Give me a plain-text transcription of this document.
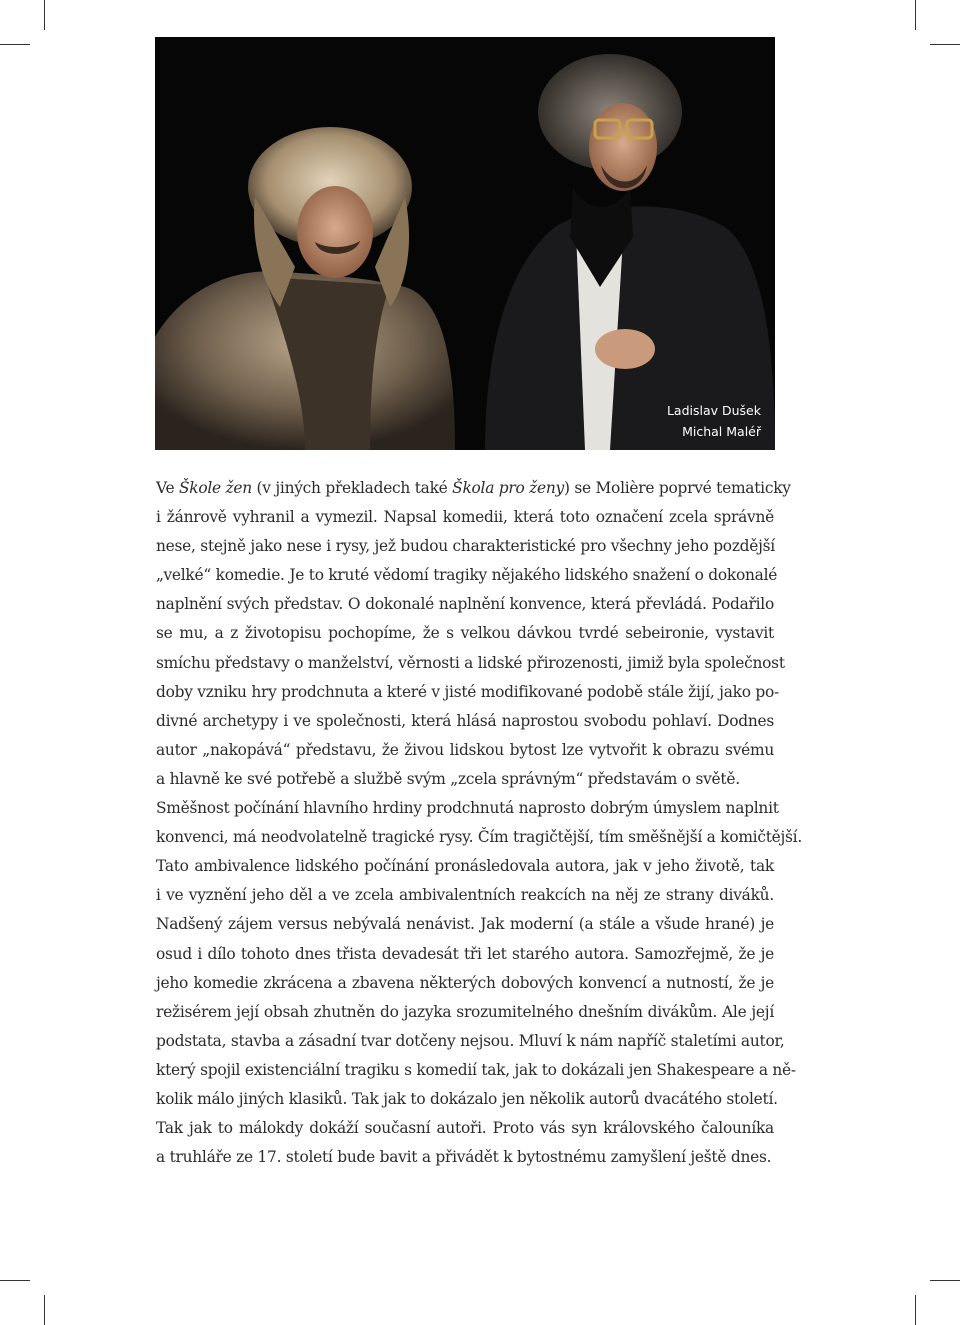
Ladislav Dušek
Michal Maléř
Ve Škole žen (v jiných překladech také Škola pro ženy) se Molière poprvé tematicky
i žánrově vyhranil a vymezil. Napsal komedii, která toto označení zcela správně
nese, stejně jako nese i rysy, jež budou charakteristické pro všechny jeho pozdější
„velké“ komedie. Je to kruté vědomí tragiky nějakého lidského snažení o dokonalé
naplnění svých představ. O dokonalé naplnění konvence, která převládá. Podařilo
se mu, a z životopisu pochopíme, že s velkou dávkou tvrdé sebeironie, vystavit
smíchu představy o manželství, věrnosti a lidské přirozenosti, jimiž byla společnost
doby vzniku hry prodchnuta a které v jisté modifikované podobě stále žijí, jako po-
divné archetypy i ve společnosti, která hlásá naprostou svobodu pohlaví. Dodnes
autor „nakopává“ představu, že živou lidskou bytost lze vytvořit k obrazu svému
a hlavně ke své potřebě a službě svým „zcela správným“ představám o světě.
Směšnost počínání hlavního hrdiny prodchnutá naprosto dobrým úmyslem naplnit
konvenci, má neodvolatelně tragické rysy. Čím tragičtější, tím směšnější a komičtější.
Tato ambivalence lidského počínání pronásledovala autora, jak v jeho životě, tak
i ve vyznění jeho děl a ve zcela ambivalentních reakcích na něj ze strany diváků.
Nadšený zájem versus nebývalá nenávist. Jak moderní (a stále a všude hrané) je
osud i dílo tohoto dnes třista devadesát tři let starého autora. Samozřejmě, že je
jeho komedie zkrácena a zbavena některých dobových konvencí a nutností, že je
režisérem její obsah zhutněn do jazyka srozumitelného dnešním divákům. Ale její
podstata, stavba a zásadní tvar dotčeny nejsou. Mluví k nám napříč staletími autor,
který spojil existenciální tragiku s komedií tak, jak to dokázali jen Shakespeare a ně-
kolik málo jiných klasiků. Tak jak to dokázalo jen několik autorů dvacátého století.
Tak jak to málokdy dokáží současní autoři. Proto vás syn královského čalouníka
a truhláře ze 17. století bude bavit a přivádět k bytostnému zamyšlení ještě dnes.
